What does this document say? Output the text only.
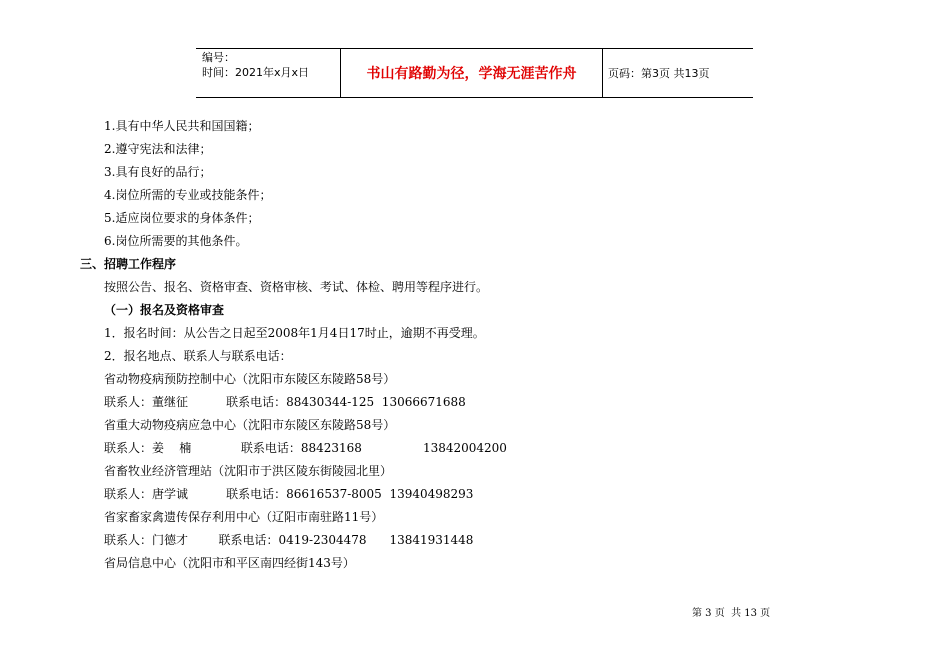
编号：
时间：2021年x月x日	书山有路勤为径，学海无涯苦作舟	页码：第3页 共13页
1.具有中华人民共和国国籍；
2.遵守宪法和法律；
3.具有良好的品行；
4.岗位所需的专业或技能条件；
5.适应岗位要求的身体条件；
6.岗位所需要的其他条件。
三、招聘工作程序
按照公告、报名、资格审查、资格审核、考试、体检、聘用等程序进行。
（一）报名及资格审查
1．报名时间：从公告之日起至2008年1月4日17时止，逾期不再受理。
2．报名地点、联系人与联系电话：
省动物疫病预防控制中心（沈阳市东陵区东陵路58号）
联系人：董继征          联系电话：88430344-125  13066671688
省重大动物疫病应急中心（沈阳市东陵区东陵路58号）
联系人：姜    楠             联系电话：88423168                13842004200
省畜牧业经济管理站（沈阳市于洪区陵东街陵园北里）
联系人：唐学诚          联系电话：86616537-8005  13940498293
省家畜家禽遗传保存利用中心（辽阳市南驻路11号）
联系人：门德才        联系电话：0419-2304478      13841931448
省局信息中心（沈阳市和平区南四经街143号）
第 3 页  共 13 页
